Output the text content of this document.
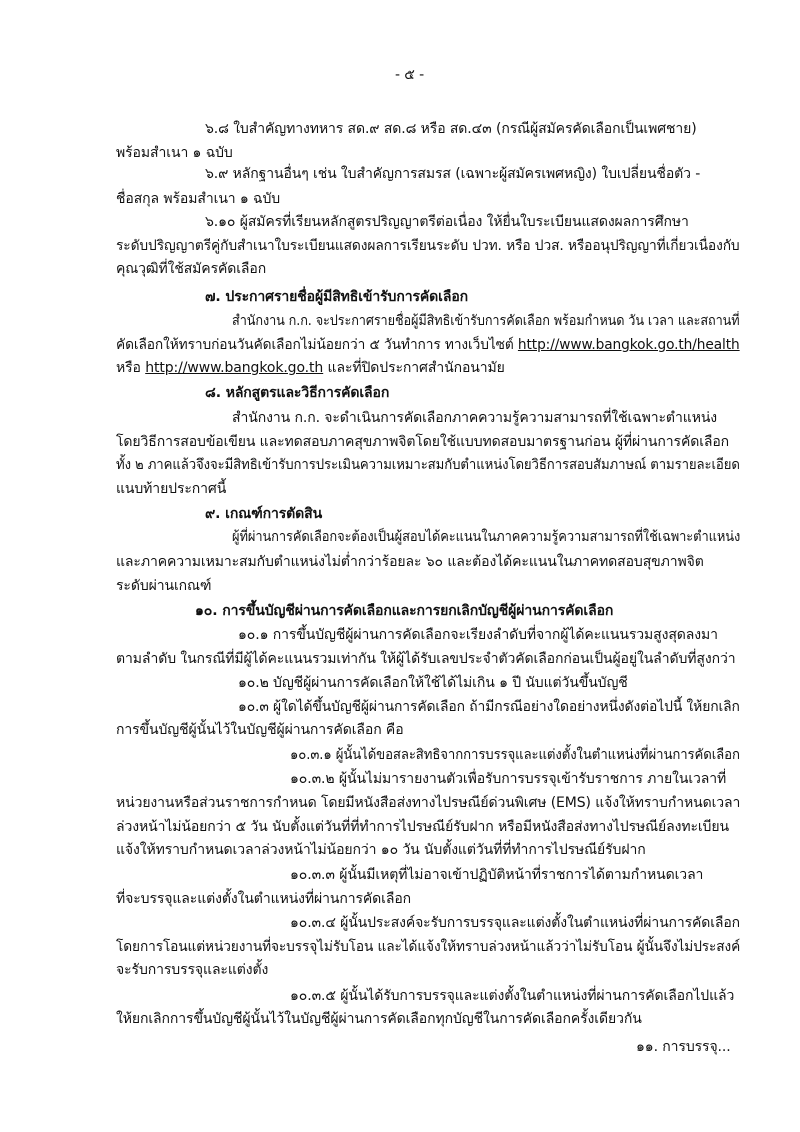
- ๕ -
๖.๘ ใบสำคัญทางทหาร สด.๙ สด.๘ หรือ สด.๔๓ (กรณีผู้สมัครคัดเลือกเป็นเพศชาย)
พร้อมสำเนา ๑ ฉบับ
๖.๙ หลักฐานอื่นๆ เช่น ใบสำคัญการสมรส (เฉพาะผู้สมัครเพศหญิง) ใบเปลี่ยนชื่อตัว -
ชื่อสกุล พร้อมสำเนา ๑ ฉบับ
๖.๑๐ ผู้สมัครที่เรียนหลักสูตรปริญญาตรีต่อเนื่อง ให้ยื่นใบระเบียนแสดงผลการศึกษา
ระดับปริญญาตรีคู่กับสำเนาใบระเบียนแสดงผลการเรียนระดับ ปวท. หรือ ปวส. หรืออนุปริญญาที่เกี่ยวเนื่องกับ
คุณวุฒิที่ใช้สมัครคัดเลือก
๗. ประกาศรายชื่อผู้มีสิทธิเข้ารับการคัดเลือก
สำนักงาน ก.ก. จะประกาศรายชื่อผู้มีสิทธิเข้ารับการคัดเลือก พร้อมกำหนด วัน เวลา และสถานที่
คัดเลือกให้ทราบก่อนวันคัดเลือกไม่น้อยกว่า ๕ วันทำการ ทางเว็บไซต์ http://www.bangkok.go.th/health
หรือ http://www.bangkok.go.th และที่ปิดประกาศสำนักอนามัย
๘. หลักสูตรและวิธีการคัดเลือก
สำนักงาน ก.ก. จะดำเนินการคัดเลือกภาคความรู้ความสามารถที่ใช้เฉพาะตำแหน่ง
โดยวิธีการสอบข้อเขียน และทดสอบภาคสุขภาพจิตโดยใช้แบบทดสอบมาตรฐานก่อน ผู้ที่ผ่านการคัดเลือก
ทั้ง ๒ ภาคแล้วจึงจะมีสิทธิเข้ารับการประเมินความเหมาะสมกับตำแหน่งโดยวิธีการสอบสัมภาษณ์ ตามรายละเอียด
แนบท้ายประกาศนี้
๙. เกณฑ์การตัดสิน
ผู้ที่ผ่านการคัดเลือกจะต้องเป็นผู้สอบได้คะแนนในภาคความรู้ความสามารถที่ใช้เฉพาะตำแหน่ง
และภาคความเหมาะสมกับตำแหน่งไม่ต่ำกว่าร้อยละ ๖๐ และต้องได้คะแนนในภาคทดสอบสุขภาพจิต
ระดับผ่านเกณฑ์
๑๐. การขึ้นบัญชีผ่านการคัดเลือกและการยกเลิกบัญชีผู้ผ่านการคัดเลือก
๑๐.๑ การขึ้นบัญชีผู้ผ่านการคัดเลือกจะเรียงลำดับที่จากผู้ได้คะแนนรวมสูงสุดลงมา
ตามลำดับ ในกรณีที่มีผู้ได้คะแนนรวมเท่ากัน ให้ผู้ได้รับเลขประจำตัวคัดเลือกก่อนเป็นผู้อยู่ในลำดับที่สูงกว่า
๑๐.๒ บัญชีผู้ผ่านการคัดเลือกให้ใช้ได้ไม่เกิน ๑ ปี นับแต่วันขึ้นบัญชี
๑๐.๓ ผู้ใดได้ขึ้นบัญชีผู้ผ่านการคัดเลือก ถ้ามีกรณีอย่างใดอย่างหนึ่งดังต่อไปนี้ ให้ยกเลิก
การขึ้นบัญชีผู้นั้นไว้ในบัญชีผู้ผ่านการคัดเลือก คือ
๑๐.๓.๑ ผู้นั้นได้ขอสละสิทธิจากการบรรจุและแต่งตั้งในตำแหน่งที่ผ่านการคัดเลือก
๑๐.๓.๒ ผู้นั้นไม่มารายงานตัวเพื่อรับการบรรจุเข้ารับราชการ ภายในเวลาที่
หน่วยงานหรือส่วนราชการกำหนด โดยมีหนังสือส่งทางไปรษณีย์ด่วนพิเศษ (EMS) แจ้งให้ทราบกำหนดเวลา
ล่วงหน้าไม่น้อยกว่า ๕ วัน นับตั้งแต่วันที่ที่ทำการไปรษณีย์รับฝาก หรือมีหนังสือส่งทางไปรษณีย์ลงทะเบียน
แจ้งให้ทราบกำหนดเวลาล่วงหน้าไม่น้อยกว่า ๑๐ วัน นับตั้งแต่วันที่ที่ทำการไปรษณีย์รับฝาก
๑๐.๓.๓ ผู้นั้นมีเหตุที่ไม่อาจเข้าปฏิบัติหน้าที่ราชการได้ตามกำหนดเวลา
ที่จะบรรจุและแต่งตั้งในตำแหน่งที่ผ่านการคัดเลือก
๑๐.๓.๔ ผู้นั้นประสงค์จะรับการบรรจุและแต่งตั้งในตำแหน่งที่ผ่านการคัดเลือก
โดยการโอนแต่หน่วยงานที่จะบรรจุไม่รับโอน และได้แจ้งให้ทราบล่วงหน้าแล้วว่าไม่รับโอน ผู้นั้นจึงไม่ประสงค์
จะรับการบรรจุและแต่งตั้ง
๑๐.๓.๕ ผู้นั้นได้รับการบรรจุและแต่งตั้งในตำแหน่งที่ผ่านการคัดเลือกไปแล้ว
ให้ยกเลิกการขึ้นบัญชีผู้นั้นไว้ในบัญชีผู้ผ่านการคัดเลือกทุกบัญชีในการคัดเลือกครั้งเดียวกัน
๑๑. การบรรจุ...
